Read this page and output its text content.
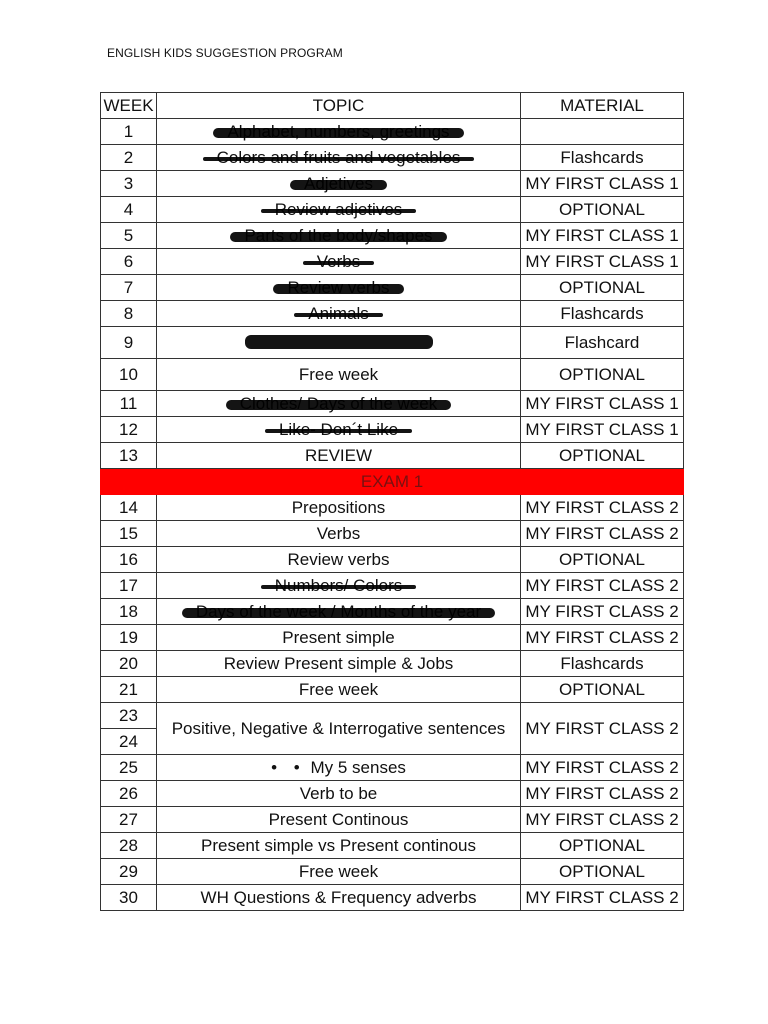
ENGLISH KIDS SUGGESTION PROGRAM
WEEK	TOPIC	MATERIAL
1	

2		Flashcards
3		MY FIRST CLASS 1
4		OPTIONAL
5		MY FIRST CLASS 1
6		MY FIRST CLASS 1
7		OPTIONAL
8		Flashcards
9		Flashcard
10	Free week	OPTIONAL
11		MY FIRST CLASS 1
12		MY FIRST CLASS 1
13	REVIEW	OPTIONAL
EXAM 1		
14	Prepositions	MY FIRST CLASS 2
15	Verbs	MY FIRST CLASS 2
16	Review verbs	OPTIONAL
17		MY FIRST CLASS 2
18		MY FIRST CLASS 2
19	Present simple	MY FIRST CLASS 2
20	Review Present simple & Jobs	Flashcards
21	Free week	OPTIONAL
23	Positive, Negative & Interrogative sentences	MY FIRST CLASS 2
24		
25	• • My 5 senses	MY FIRST CLASS 2
26	Verb to be	MY FIRST CLASS 2
27	Present Continous	MY FIRST CLASS 2
28	Present simple vs Present continous	OPTIONAL
29	Free week	OPTIONAL
30	WH Questions & Frequency adverbs	MY FIRST CLASS 2
